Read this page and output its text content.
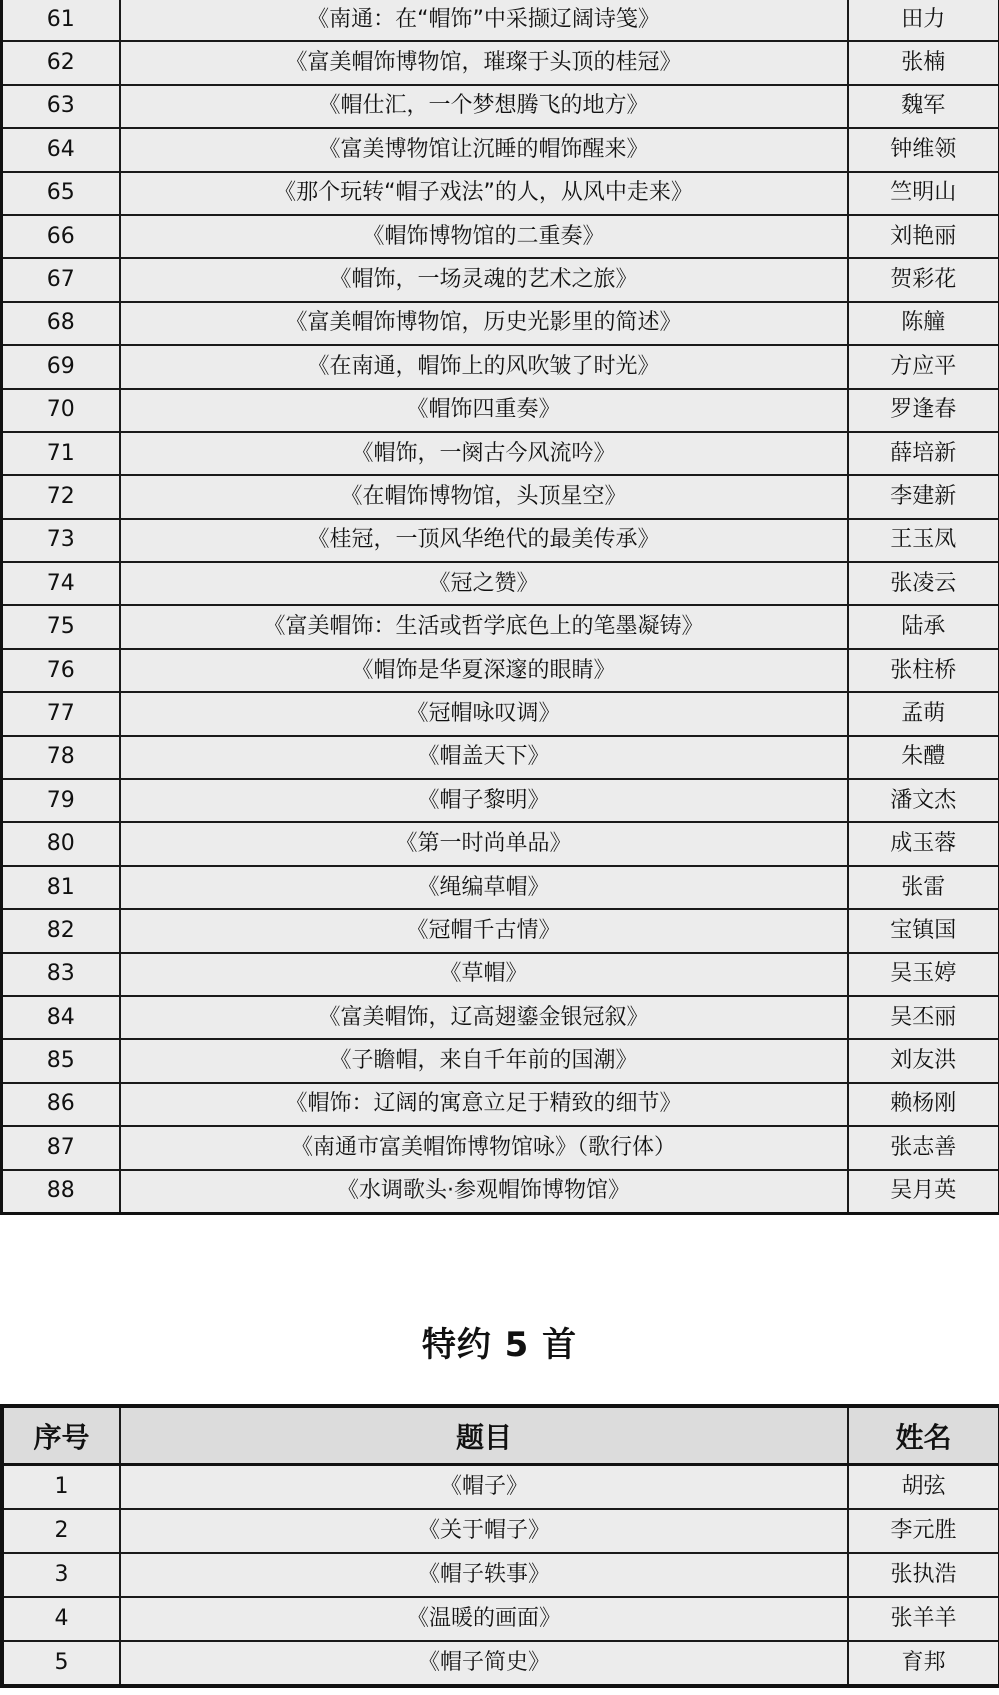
61	《南通：在“帽饰”中采撷辽阔诗笺》	田力
62	《富美帽饰博物馆，璀璨于头顶的桂冠》	张楠
63	《帽仕汇，一个梦想腾飞的地方》	魏军
64	《富美博物馆让沉睡的帽饰醒来》	钟维领
65	《那个玩转“帽子戏法”的人，从风中走来》	竺明山
66	《帽饰博物馆的二重奏》	刘艳丽
67	《帽饰，一场灵魂的艺术之旅》	贺彩花
68	《富美帽饰博物馆，历史光影里的简述》	陈艟
69	《在南通，帽饰上的风吹皱了时光》	方应平
70	《帽饰四重奏》	罗逢春
71	《帽饰，一阕古今风流吟》	薛培新
72	《在帽饰博物馆，头顶星空》	李建新
73	《桂冠，一顶风华绝代的最美传承》	王玉凤
74	《冠之赞》	张凌云
75	《富美帽饰：生活或哲学底色上的笔墨凝铸》	陆承
76	《帽饰是华夏深邃的眼睛》	张柱桥
77	《冠帽咏叹调》	孟萌
78	《帽盖天下》	朱醴
79	《帽子黎明》	潘文杰
80	《第一时尚单品》	成玉蓉
81	《绳编草帽》	张雷
82	《冠帽千古情》	宝镇国
83	《草帽》	吴玉婷
84	《富美帽饰，辽高翅鎏金银冠叙》	吴丕丽
85	《子瞻帽，来自千年前的国潮》	刘友洪
86	《帽饰：辽阔的寓意立足于精致的细节》	赖杨刚
87	《南通市富美帽饰博物馆咏》（歌行体）	张志善
88	《水调歌头·参观帽饰博物馆》	吴月英
特约 5 首
序号	题目	姓名
1	《帽子》	胡弦
2	《关于帽子》	李元胜
3	《帽子轶事》	张执浩
4	《温暖的画面》	张羊羊
5	《帽子简史》	育邦
